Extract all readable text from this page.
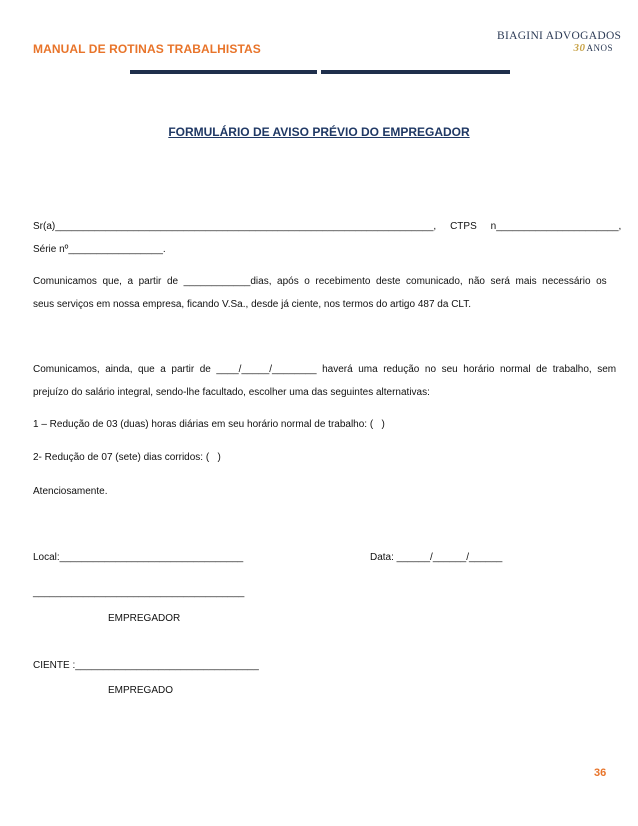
MANUAL DE ROTINAS TRABALHISTAS
BIAGINI ADVOGADOS
30ANOS
FORMULÁRIO DE AVISO PRÉVIO DO EMPREGADOR
Sr(a)____________________________________________________________________,     CTPS     n______________________,
Série nº_________________.
Comunicamos  que,  a  partir  de  ____________dias,  após  o  recebimento  deste  comunicado,  não  será  mais  necessário  os
seus serviços em nossa empresa, ficando V.Sa., desde já ciente, nos termos do artigo 487 da CLT.
Comunicamos,  ainda,  que  a  partir  de  ____/_____/________  haverá  uma  redução  no  seu  horário  normal  de  trabalho,  sem
prejuízo do salário integral, sendo-lhe facultado, escolher uma das seguintes alternativas:
1 – Redução de 03 (duas) horas diárias em seu horário normal de trabalho: (   )
2- Redução de 07 (sete) dias corridos: (   )
Atenciosamente.
Local:_________________________________	Data: ______/______/______
______________________________________
EMPREGADOR
CIENTE :_________________________________
EMPREGADO
36
